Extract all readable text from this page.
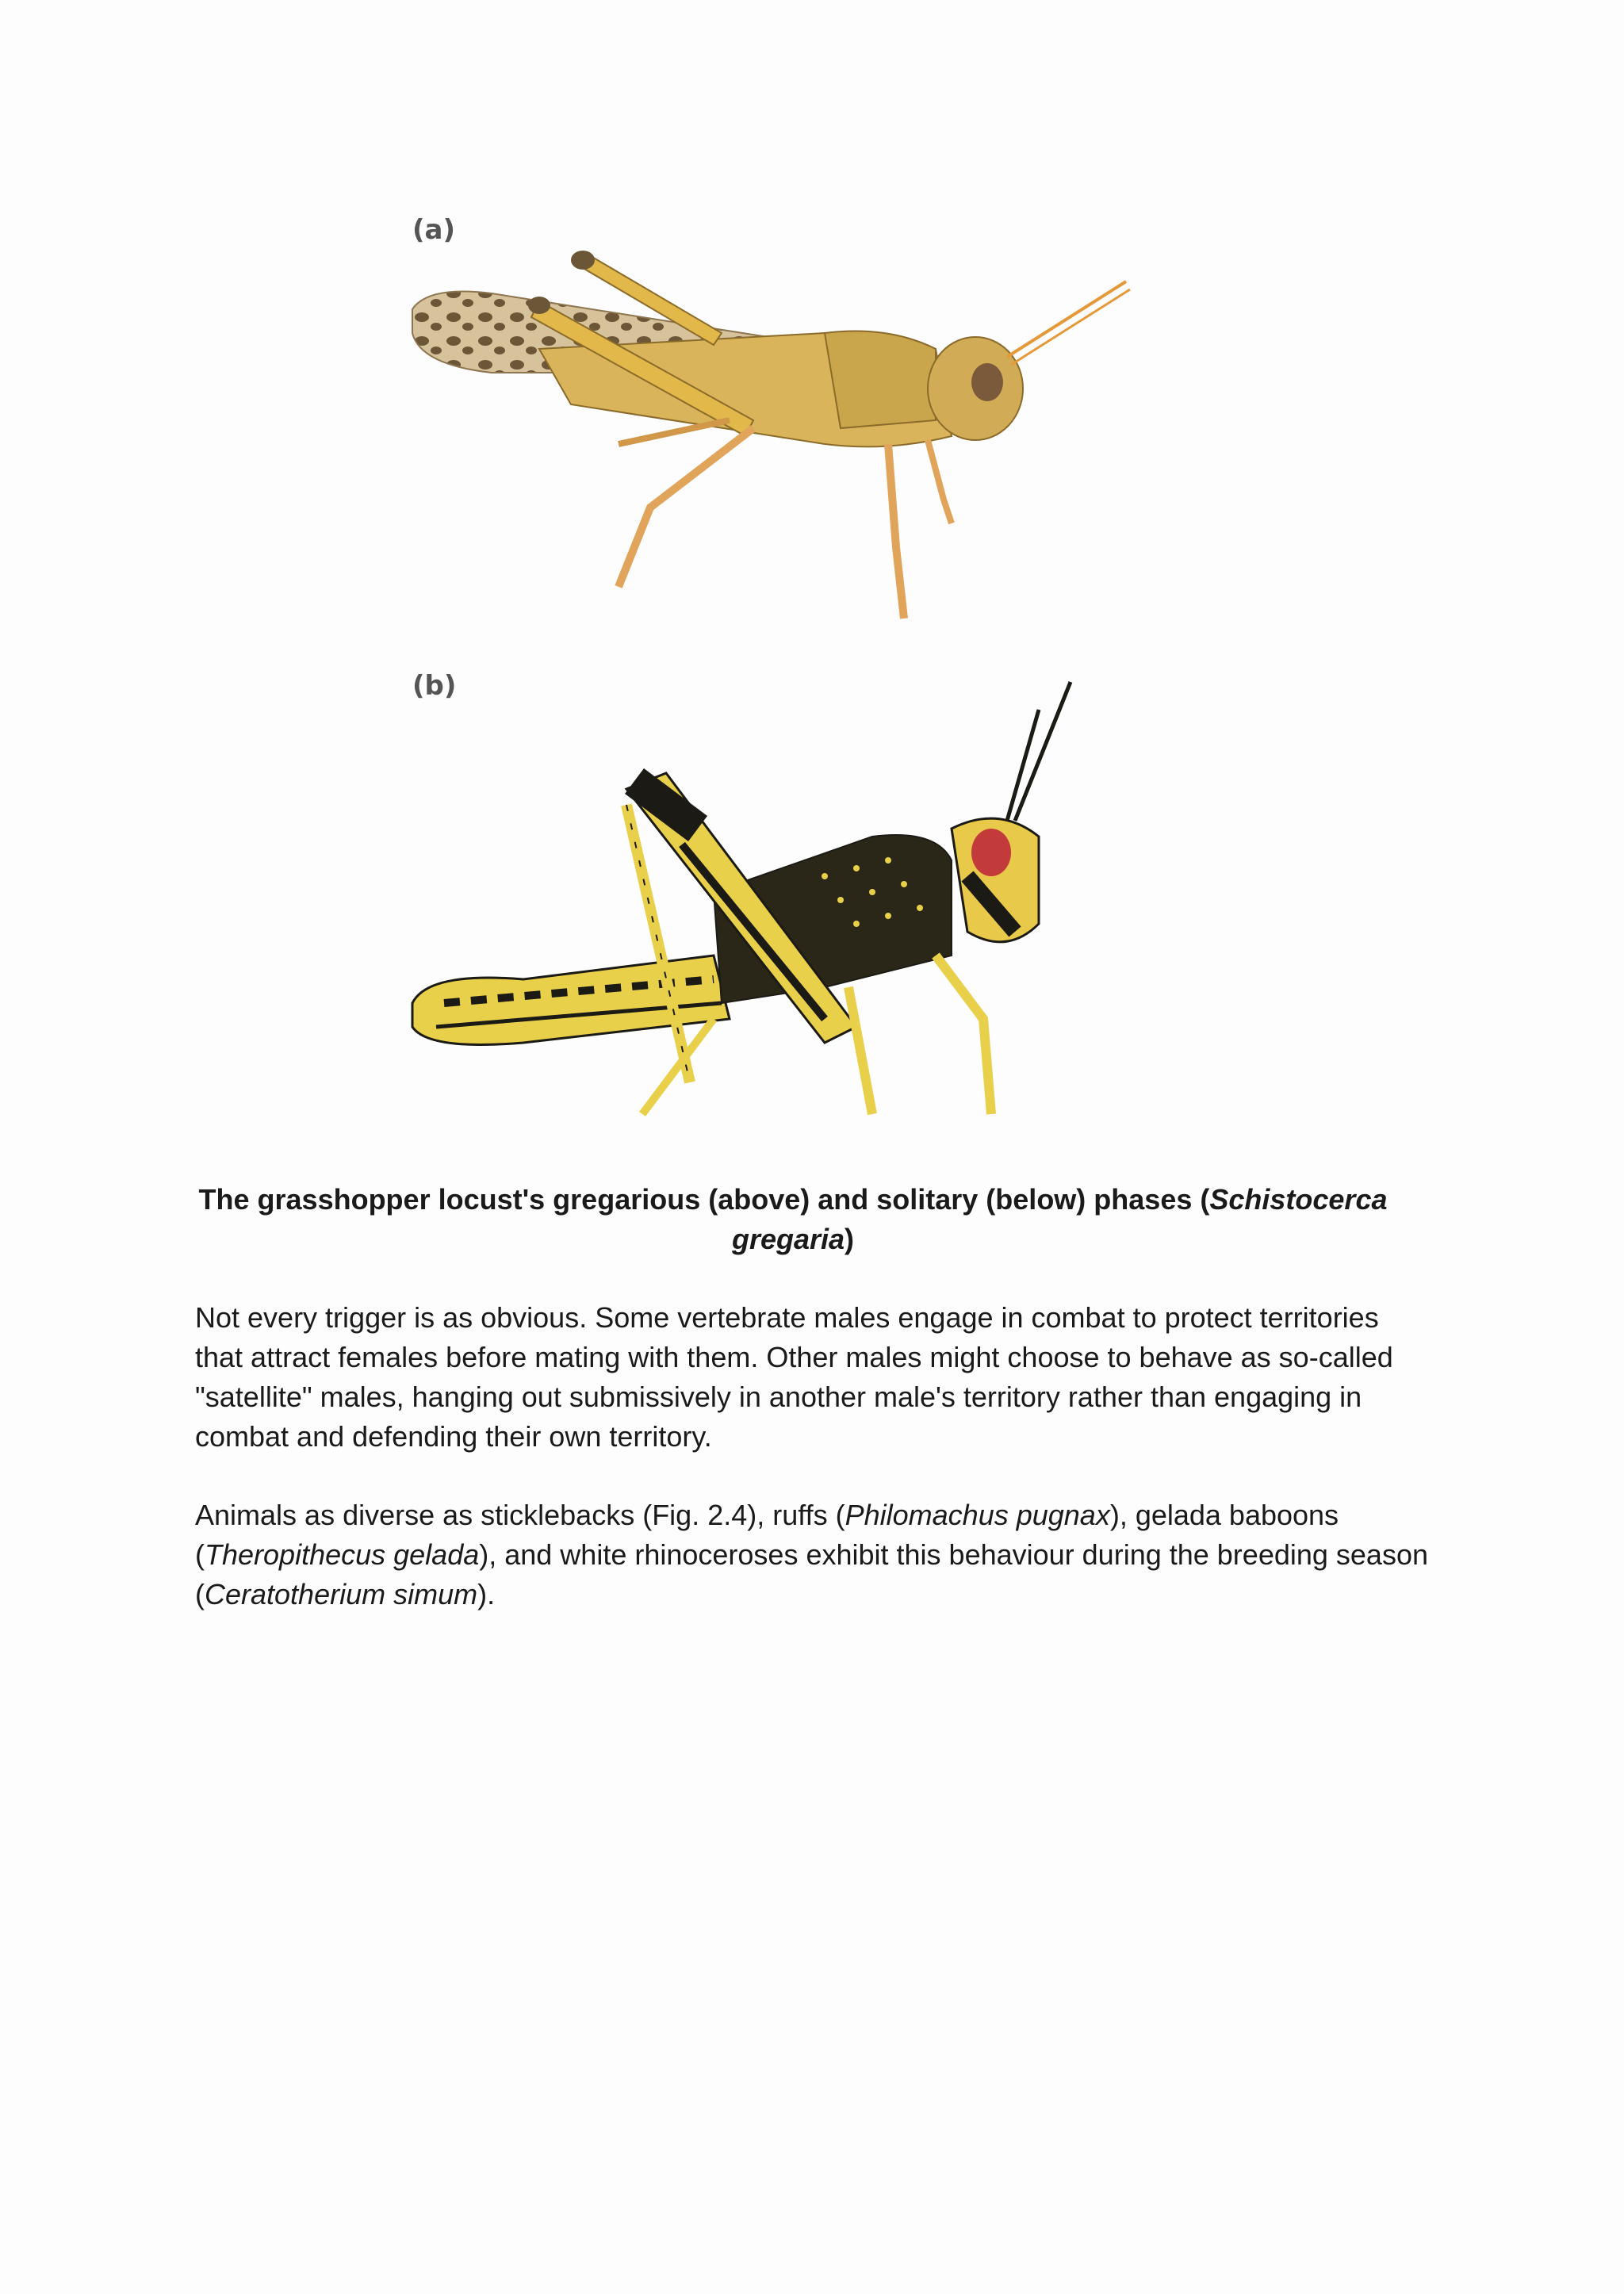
(a)
(b)
The grasshopper locust's gregarious (above) and solitary (below) phases (Schistocerca gregaria)

Not every trigger is as obvious. Some vertebrate males engage in combat to protect territories that attract females before mating with them. Other males might choose to behave as so-called "satellite" males, hanging out submissively in another male's territory rather than engaging in combat and defending their own territory.

Animals as diverse as sticklebacks (Fig. 2.4), ruffs (Philomachus pugnax), gelada baboons (Theropithecus gelada), and white rhinoceroses exhibit this behaviour during the breeding season (Ceratotherium simum).
